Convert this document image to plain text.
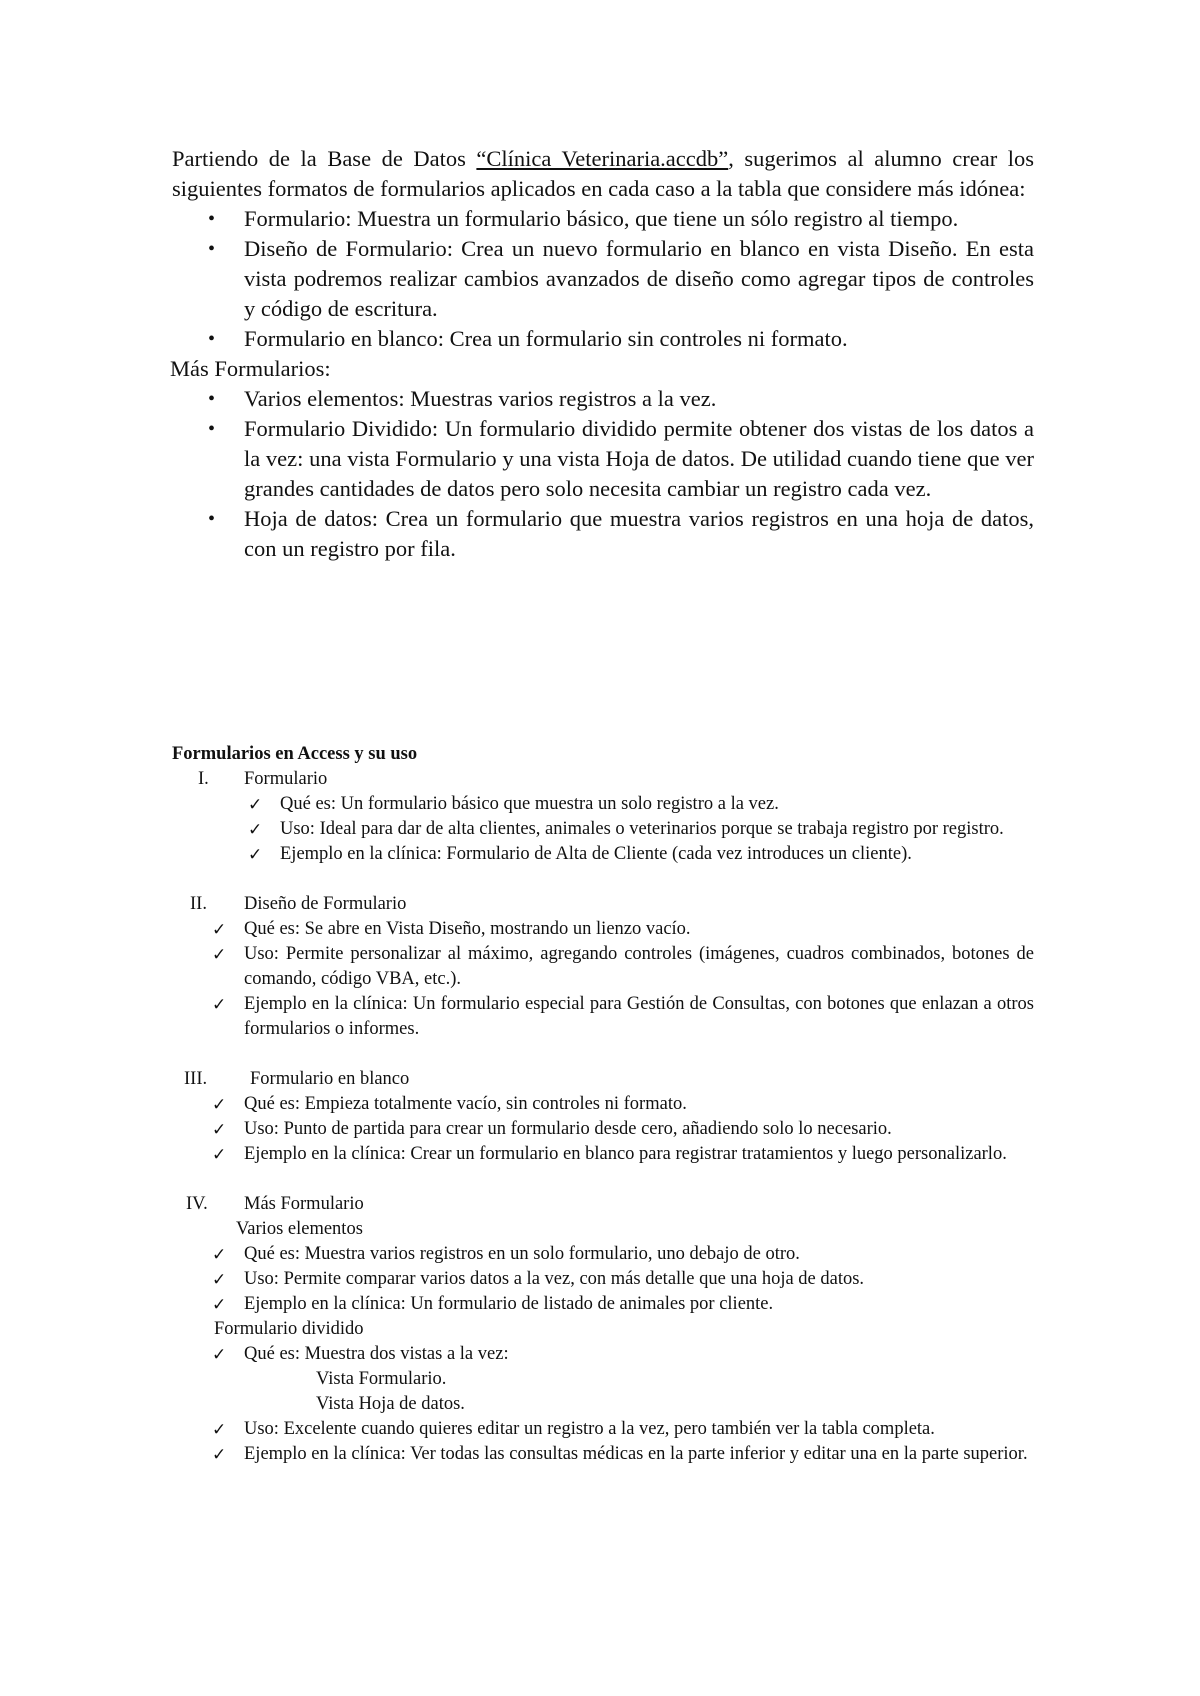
Partiendo de la Base de Datos “Clínica Veterinaria.accdb”, sugerimos al alumno crear los siguientes formatos de formularios aplicados en cada caso a la tabla que considere más idónea:

• Formulario: Muestra un formulario básico, que tiene un sólo registro al tiempo.
• Diseño de Formulario: Crea un nuevo formulario en blanco en vista Diseño. En esta vista podremos realizar cambios avanzados de diseño como agregar tipos de controles y código de escritura.
• Formulario en blanco: Crea un formulario sin controles ni formato.

Más Formularios:

• Varios elementos: Muestras varios registros a la vez.
• Formulario Dividido: Un formulario dividido permite obtener dos vistas de los datos a la vez: una vista Formulario y una vista Hoja de datos. De utilidad cuando tiene que ver grandes cantidades de datos pero solo necesita cambiar un registro cada vez.
• Hoja de datos: Crea un formulario que muestra varios registros en una hoja de datos, con un registro por fila.
Formularios en Access y su uso
I. Formulario
✓ Qué es: Un formulario básico que muestra un solo registro a la vez.
✓ Uso: Ideal para dar de alta clientes, animales o veterinarios porque se trabaja registro por registro.
✓ Ejemplo en la clínica: Formulario de Alta de Cliente (cada vez introduces un cliente).
II. Diseño de Formulario
✓ Qué es: Se abre en Vista Diseño, mostrando un lienzo vacío.
✓ Uso: Permite personalizar al máximo, agregando controles (imágenes, cuadros combinados, botones de comando, código VBA, etc.).
✓ Ejemplo en la clínica: Un formulario especial para Gestión de Consultas, con botones que enlazan a otros formularios o informes.
III. Formulario en blanco
✓ Qué es: Empieza totalmente vacío, sin controles ni formato.
✓ Uso: Punto de partida para crear un formulario desde cero, añadiendo solo lo necesario.
✓ Ejemplo en la clínica: Crear un formulario en blanco para registrar tratamientos y luego personalizarlo.
IV. Más Formulario
Varios elementos
✓ Qué es: Muestra varios registros en un solo formulario, uno debajo de otro.
✓ Uso: Permite comparar varios datos a la vez, con más detalle que una hoja de datos.
✓ Ejemplo en la clínica: Un formulario de listado de animales por cliente.
Formulario dividido
✓ Qué es: Muestra dos vistas a la vez:
Vista Formulario.
Vista Hoja de datos.
✓ Uso: Excelente cuando quieres editar un registro a la vez, pero también ver la tabla completa.
✓ Ejemplo en la clínica: Ver todas las consultas médicas en la parte inferior y editar una en la parte superior.
